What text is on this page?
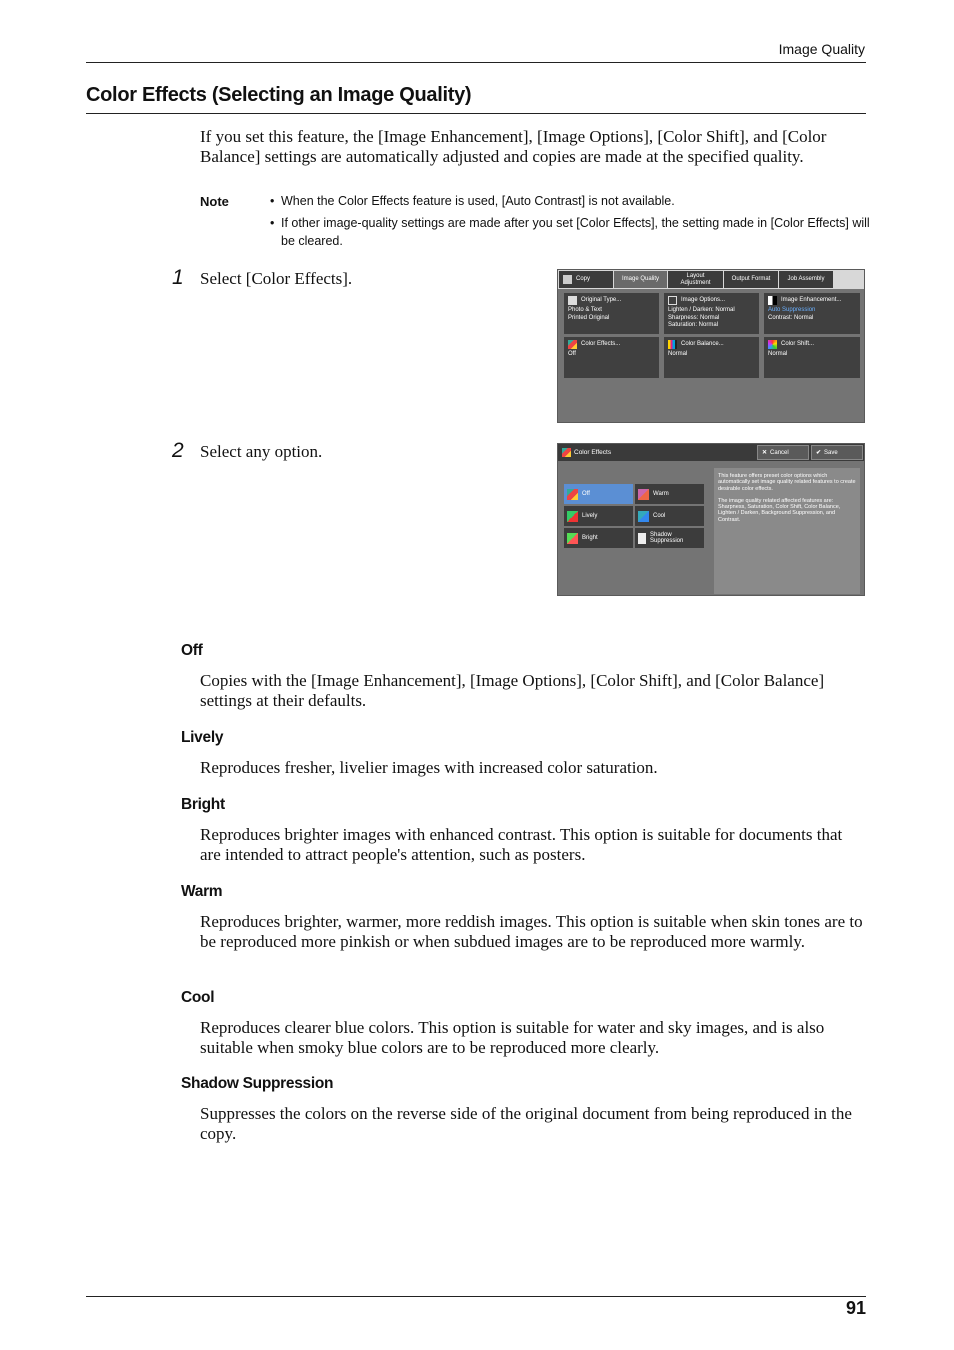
Image Quality
Color Effects (Selecting an Image Quality)
If you set this feature, the [Image Enhancement], [Image Options], [Color Shift], and [Color Balance] settings are automatically adjusted and copies are made at the specified quality.
Note	• When the Color Effects feature is used, [Auto Contrast] is not available.
• If other image-quality settings are made after you set [Color Effects], the setting made in [Color Effects] will be cleared.
1 Select [Color Effects].
2 Select any option.
Copy	Image Quality
Layout Adjustment
Output Format	Job Assembly
Original Type...
Photo & Text
Printed Original
Image Options...
Lighten / Darken: Normal
Sharpness: Normal
Saturation: Normal
Image Enhancement...
Auto Suppression
Contrast: Normal
Color Effects...
Off
Color Balance...
Normal
Color Shift...
Normal
Color Effects	✕ Cancel	✔ Save
Off	Warm
Lively	Cool
Bright
Shadow Suppression
This feature offers preset color options which automatically set image quality related features to create desirable color effects.
The image quality related affected features are:
Sharpness, Saturation, Color Shift, Color Balance, Lighten / Darken, Background Suppression, and Contrast.
Off
Copies with the [Image Enhancement], [Image Options], [Color Shift], and [Color Balance] settings at their defaults.
Lively
Reproduces fresher, livelier images with increased color saturation.
Bright
Reproduces brighter images with enhanced contrast. This option is suitable for documents that are intended to attract people's attention, such as posters.
Warm
Reproduces brighter, warmer, more reddish images. This option is suitable when skin tones are to be reproduced more pinkish or when subdued images are to be reproduced more warmly.
Cool
Reproduces clearer blue colors. This option is suitable for water and sky images, and is also suitable when smoky blue colors are to be reproduced more clearly.
Shadow Suppression
Suppresses the colors on the reverse side of the original document from being reproduced in the copy.
91
